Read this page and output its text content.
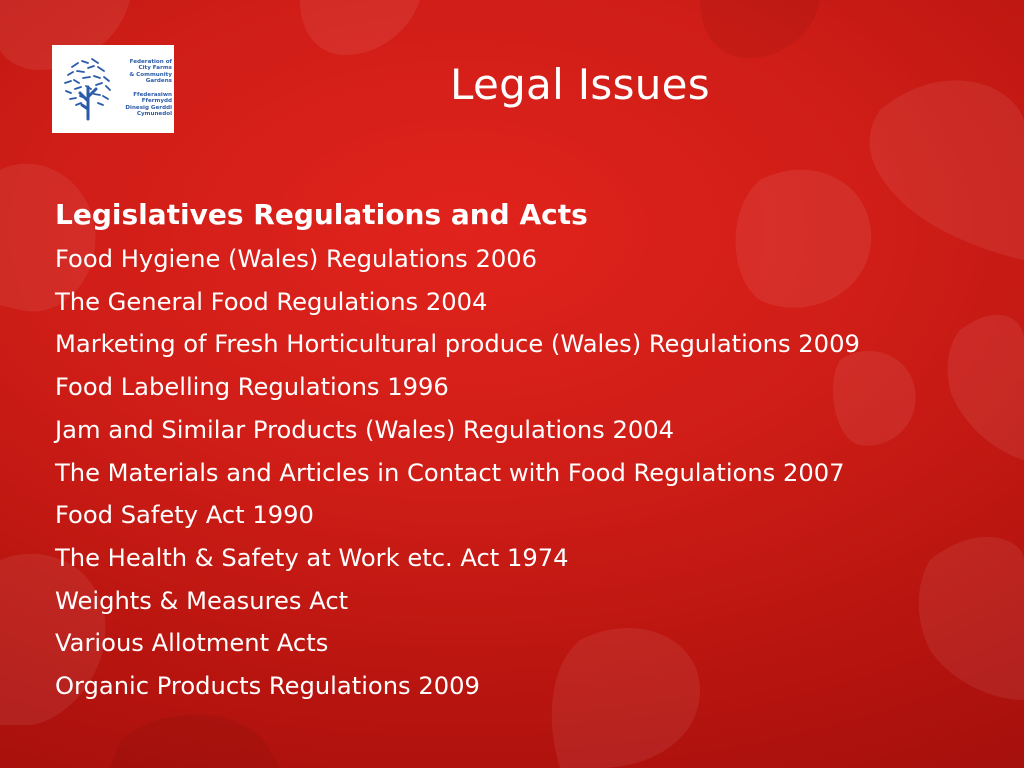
Federation of
City Farms
& Community
Gardens
Ffederasiwn
Ffermydd
Dinesig Gerddi
Cymunedol
Legal Issues
Legislatives Regulations and Acts
Food Hygiene (Wales) Regulations 2006
The General Food Regulations 2004
Marketing of Fresh Horticultural produce (Wales) Regulations 2009
Food Labelling Regulations 1996
Jam and Similar Products (Wales) Regulations 2004
The Materials and Articles in Contact with Food Regulations 2007
Food Safety Act 1990
The Health & Safety at Work etc. Act 1974
Weights & Measures Act
Various Allotment Acts
Organic Products Regulations 2009
